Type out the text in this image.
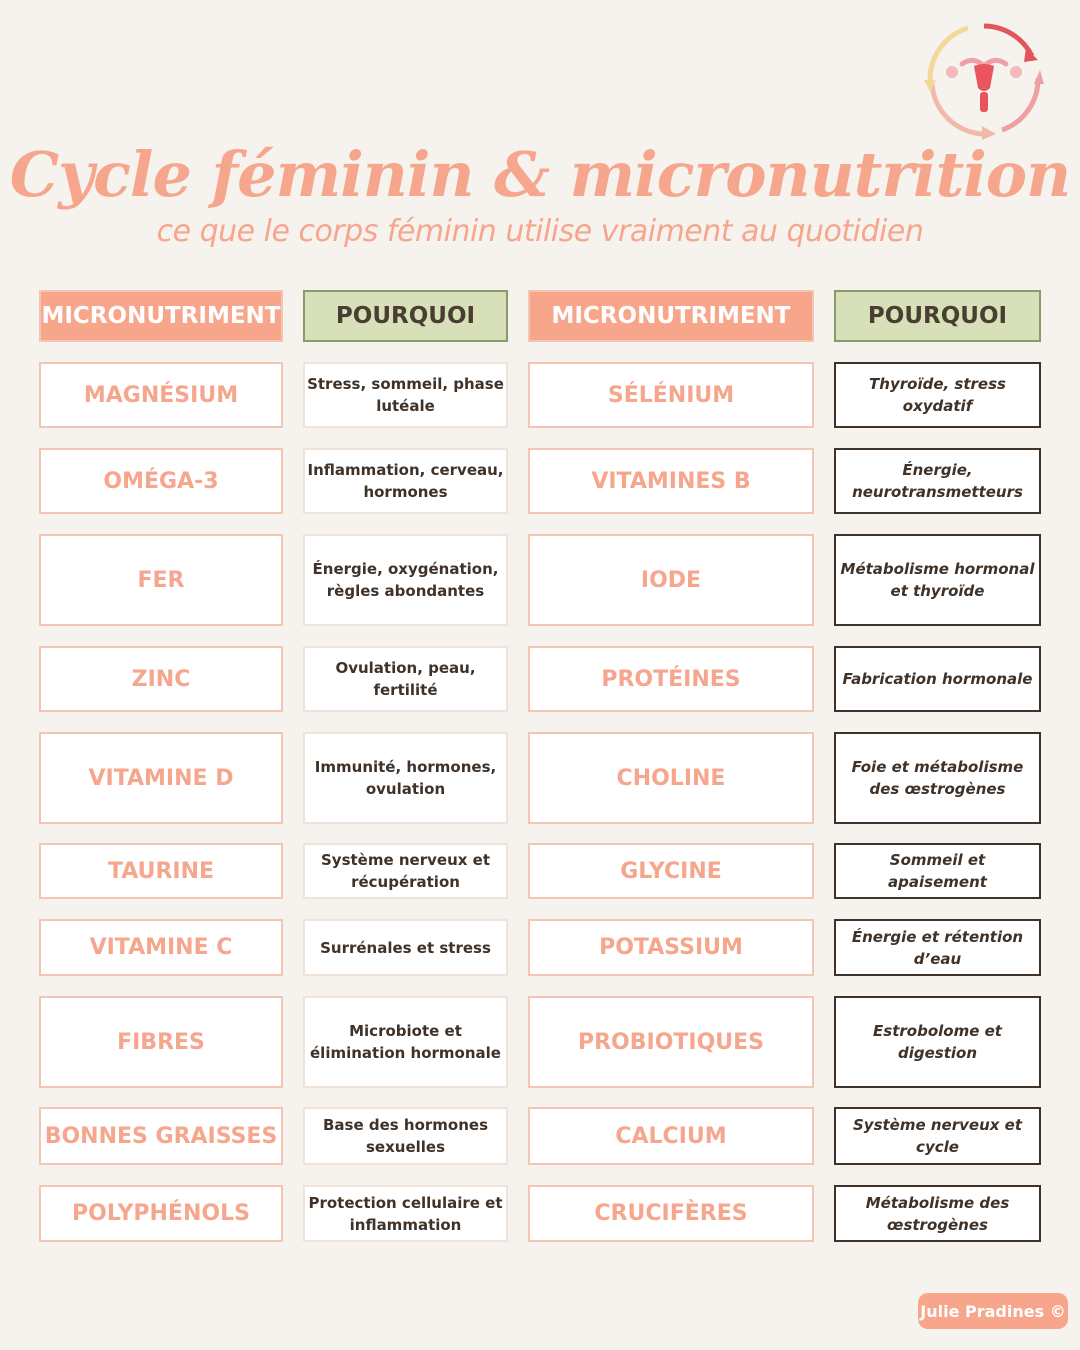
Cycle féminin & micronutrition
ce que le corps féminin utilise vraiment au quotidien
MICRONUTRIMENT	POURQUOI	MICRONUTRIMENT	POURQUOI
MAGNÉSIUM	Stress, sommeil, phase lutéale	SÉLÉNIUM	Thyroïde, stress oxydatif
OMÉGA-3	Inflammation, cerveau, hormones	VITAMINES B	Énergie, neurotransmetteurs
FER	Énergie, oxygénation, règles abondantes	IODE	Métabolisme hormonal et thyroïde
ZINC	Ovulation, peau, fertilité	PROTÉINES	Fabrication hormonale
VITAMINE D	Immunité, hormones, ovulation	CHOLINE	Foie et métabolisme des œstrogènes
TAURINE	Système nerveux et récupération	GLYCINE	Sommeil et apaisement
VITAMINE C	Surrénales et stress	POTASSIUM	Énergie et rétention d’eau
FIBRES	Microbiote et élimination hormonale	PROBIOTIQUES	Estrobolome et digestion
BONNES GRAISSES	Base des hormones sexuelles	CALCIUM	Système nerveux et cycle
POLYPHÉNOLS	Protection cellulaire et inflammation	CRUCIFÈRES	Métabolisme des œstrogènes
Julie Pradines ©
